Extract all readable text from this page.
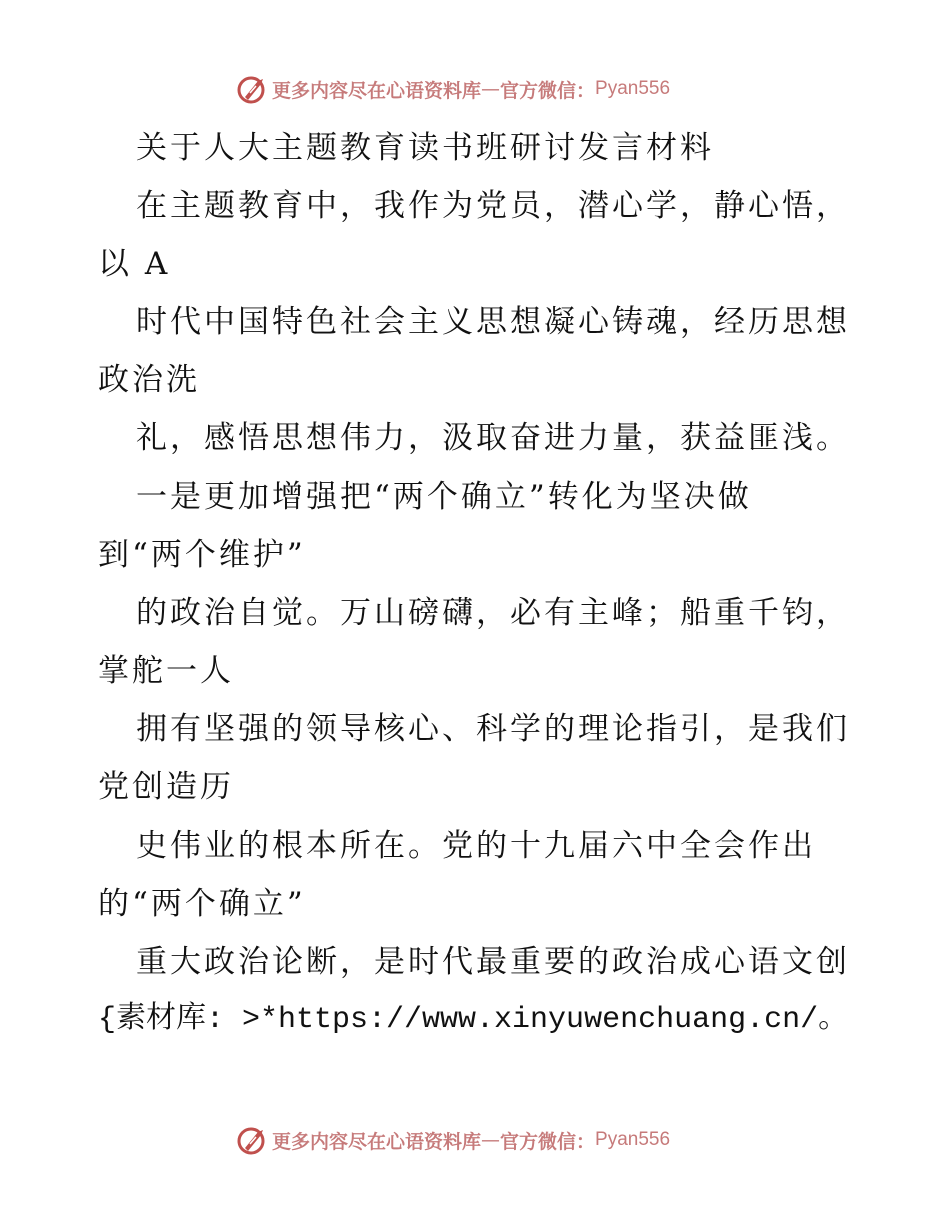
更多内容尽在心语资料库 — 官方微信： Pyan556
关于人大主题教育读书班研讨发言材料
在主题教育中，我作为党员，潜心学，静心悟，
以 A
时代中国特色社会主义思想凝心铸魂，经历思想
政治洗
礼，感悟思想伟力，汲取奋进力量，获益匪浅。
一是更加增强把“两个确立”转化为坚决做
到“两个维护”
的政治自觉。万山磅礴，必有主峰；船重千钧，
掌舵一人
拥有坚强的领导核心、科学的理论指引，是我们
党创造历
史伟业的根本所在。党的十九届六中全会作出
的“两个确立”
重大政治论断，是时代最重要的政治成心语文创
{素材库: >*https://www.xinyuwenchuang.cn/。
更多内容尽在心语资料库 — 官方微信： Pyan556
